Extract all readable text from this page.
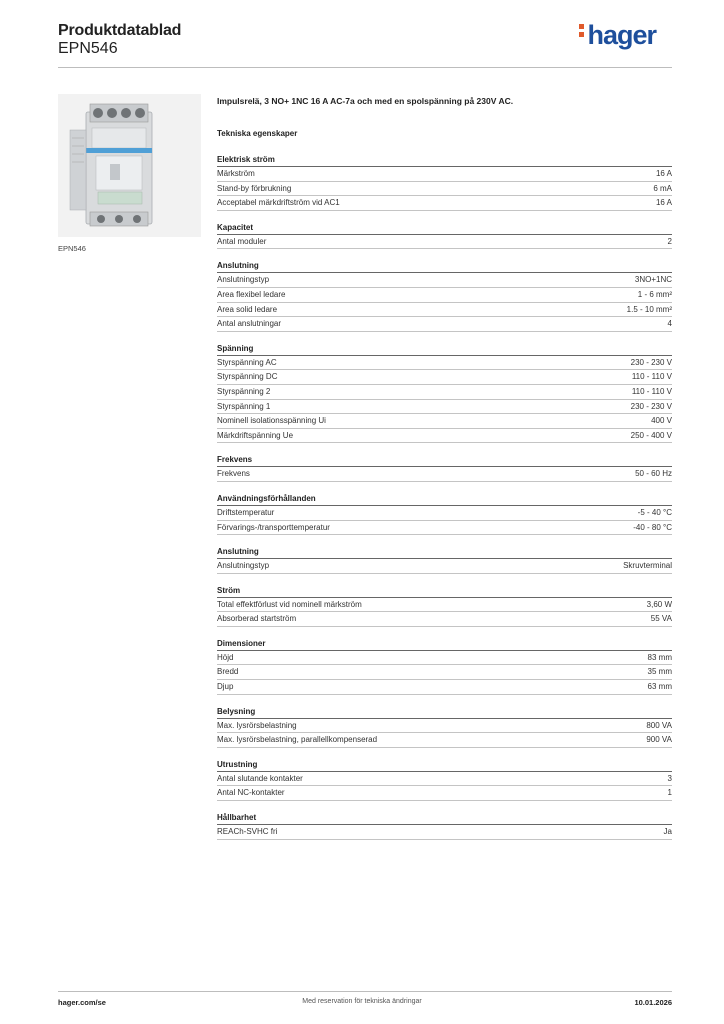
Produktdatablad
EPN546	hager
EPN546
Impulsrelä, 3 NO+ 1NC 16 A AC-7a och med en spolspänning på 230V AC.
Tekniska egenskaper
Elektrisk ström
Märkström	16 A
Stand-by förbrukning	6 mA
Acceptabel märkdriftström vid AC1	16 A
Kapacitet
Antal moduler	2
Anslutning
Anslutningstyp	3NO+1NC
Area flexibel ledare	1 - 6 mm²
Area solid ledare	1.5 - 10 mm²
Antal anslutningar	4
Spänning
Styrspänning AC	230 - 230 V
Styrspänning DC	110 - 110 V
Styrspänning 2	110 - 110 V
Styrspänning 1	230 - 230 V
Nominell isolationsspänning Ui	400 V
Märkdriftspänning Ue	250 - 400 V
Frekvens
Frekvens	50 - 60 Hz
Användningsförhållanden
Driftstemperatur	-5 - 40 °C
Förvarings-/transporttemperatur	-40 - 80 °C
Anslutning
Anslutningstyp	Skruvterminal
Ström
Total effektförlust vid nominell märkström	3,60 W
Absorberad startström	55 VA
Dimensioner
Höjd	83 mm
Bredd	35 mm
Djup	63 mm
Belysning
Max. lysrörsbelastning	800 VA
Max. lysrörsbelastning, parallellkompenserad	900 VA
Utrustning
Antal slutande kontakter	3
Antal NC-kontakter	1
Hållbarhet
REACh-SVHC fri	Ja
hager.com/se	Med reservation för tekniska ändringar	10.01.2026
